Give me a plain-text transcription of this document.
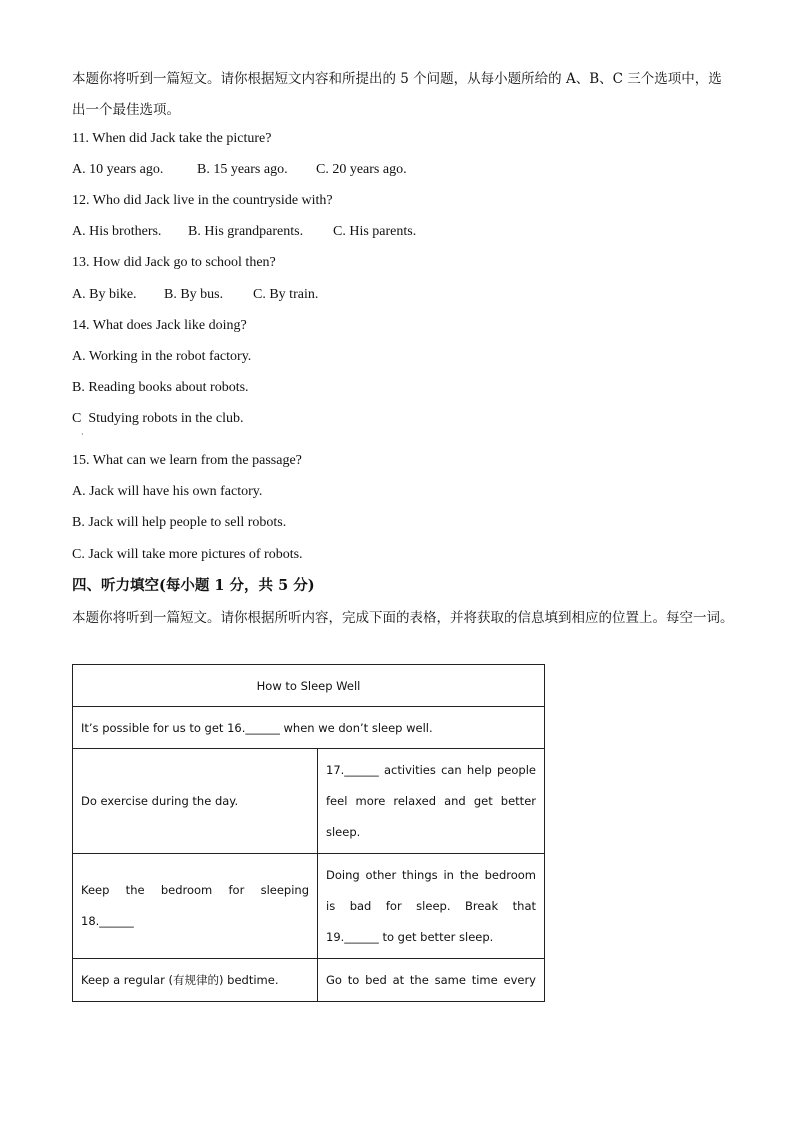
本题你将听到一篇短文。请你根据短文内容和所提出的 5 个问题，从每小题所给的 A、B、C 三个选项中，选出一个最佳选项。

11. When did Jack take the picture?

A. 10 years ago. B. 15 years ago. C. 20 years ago.

12. Who did Jack live in the countryside with?

A. His brothers. B. His grandparents. C. His parents.

13. How did Jack go to school then?

A. By bike. B. By bus. C. By train.

14. What does Jack like doing?

A. Working in the robot factory.

B. Reading books about robots.

C  Studying robots in the club.

·

15. What can we learn from the passage?

A. Jack will have his own factory.

B. Jack will help people to sell robots.

C. Jack will take more pictures of robots.

四、听力填空(每小题 1 分，共 5 分)

本题你将听到一篇短文。请你根据所听内容，完成下面的表格，并将获取的信息填到相应的位置上。每空一词。

How to Sleep Well	
It’s possible for us to get 16.______ when we don’t sleep well.	
Do exercise during the day.	17.______ activities can help people feel more relaxed and get better sleep.
Keep the bedroom for sleeping 18.______	Doing other things in the bedroom is bad for sleep. Break that 19.______ to get better sleep.
Keep a regular (有规律的) bedtime.	Go to bed at the same time every
